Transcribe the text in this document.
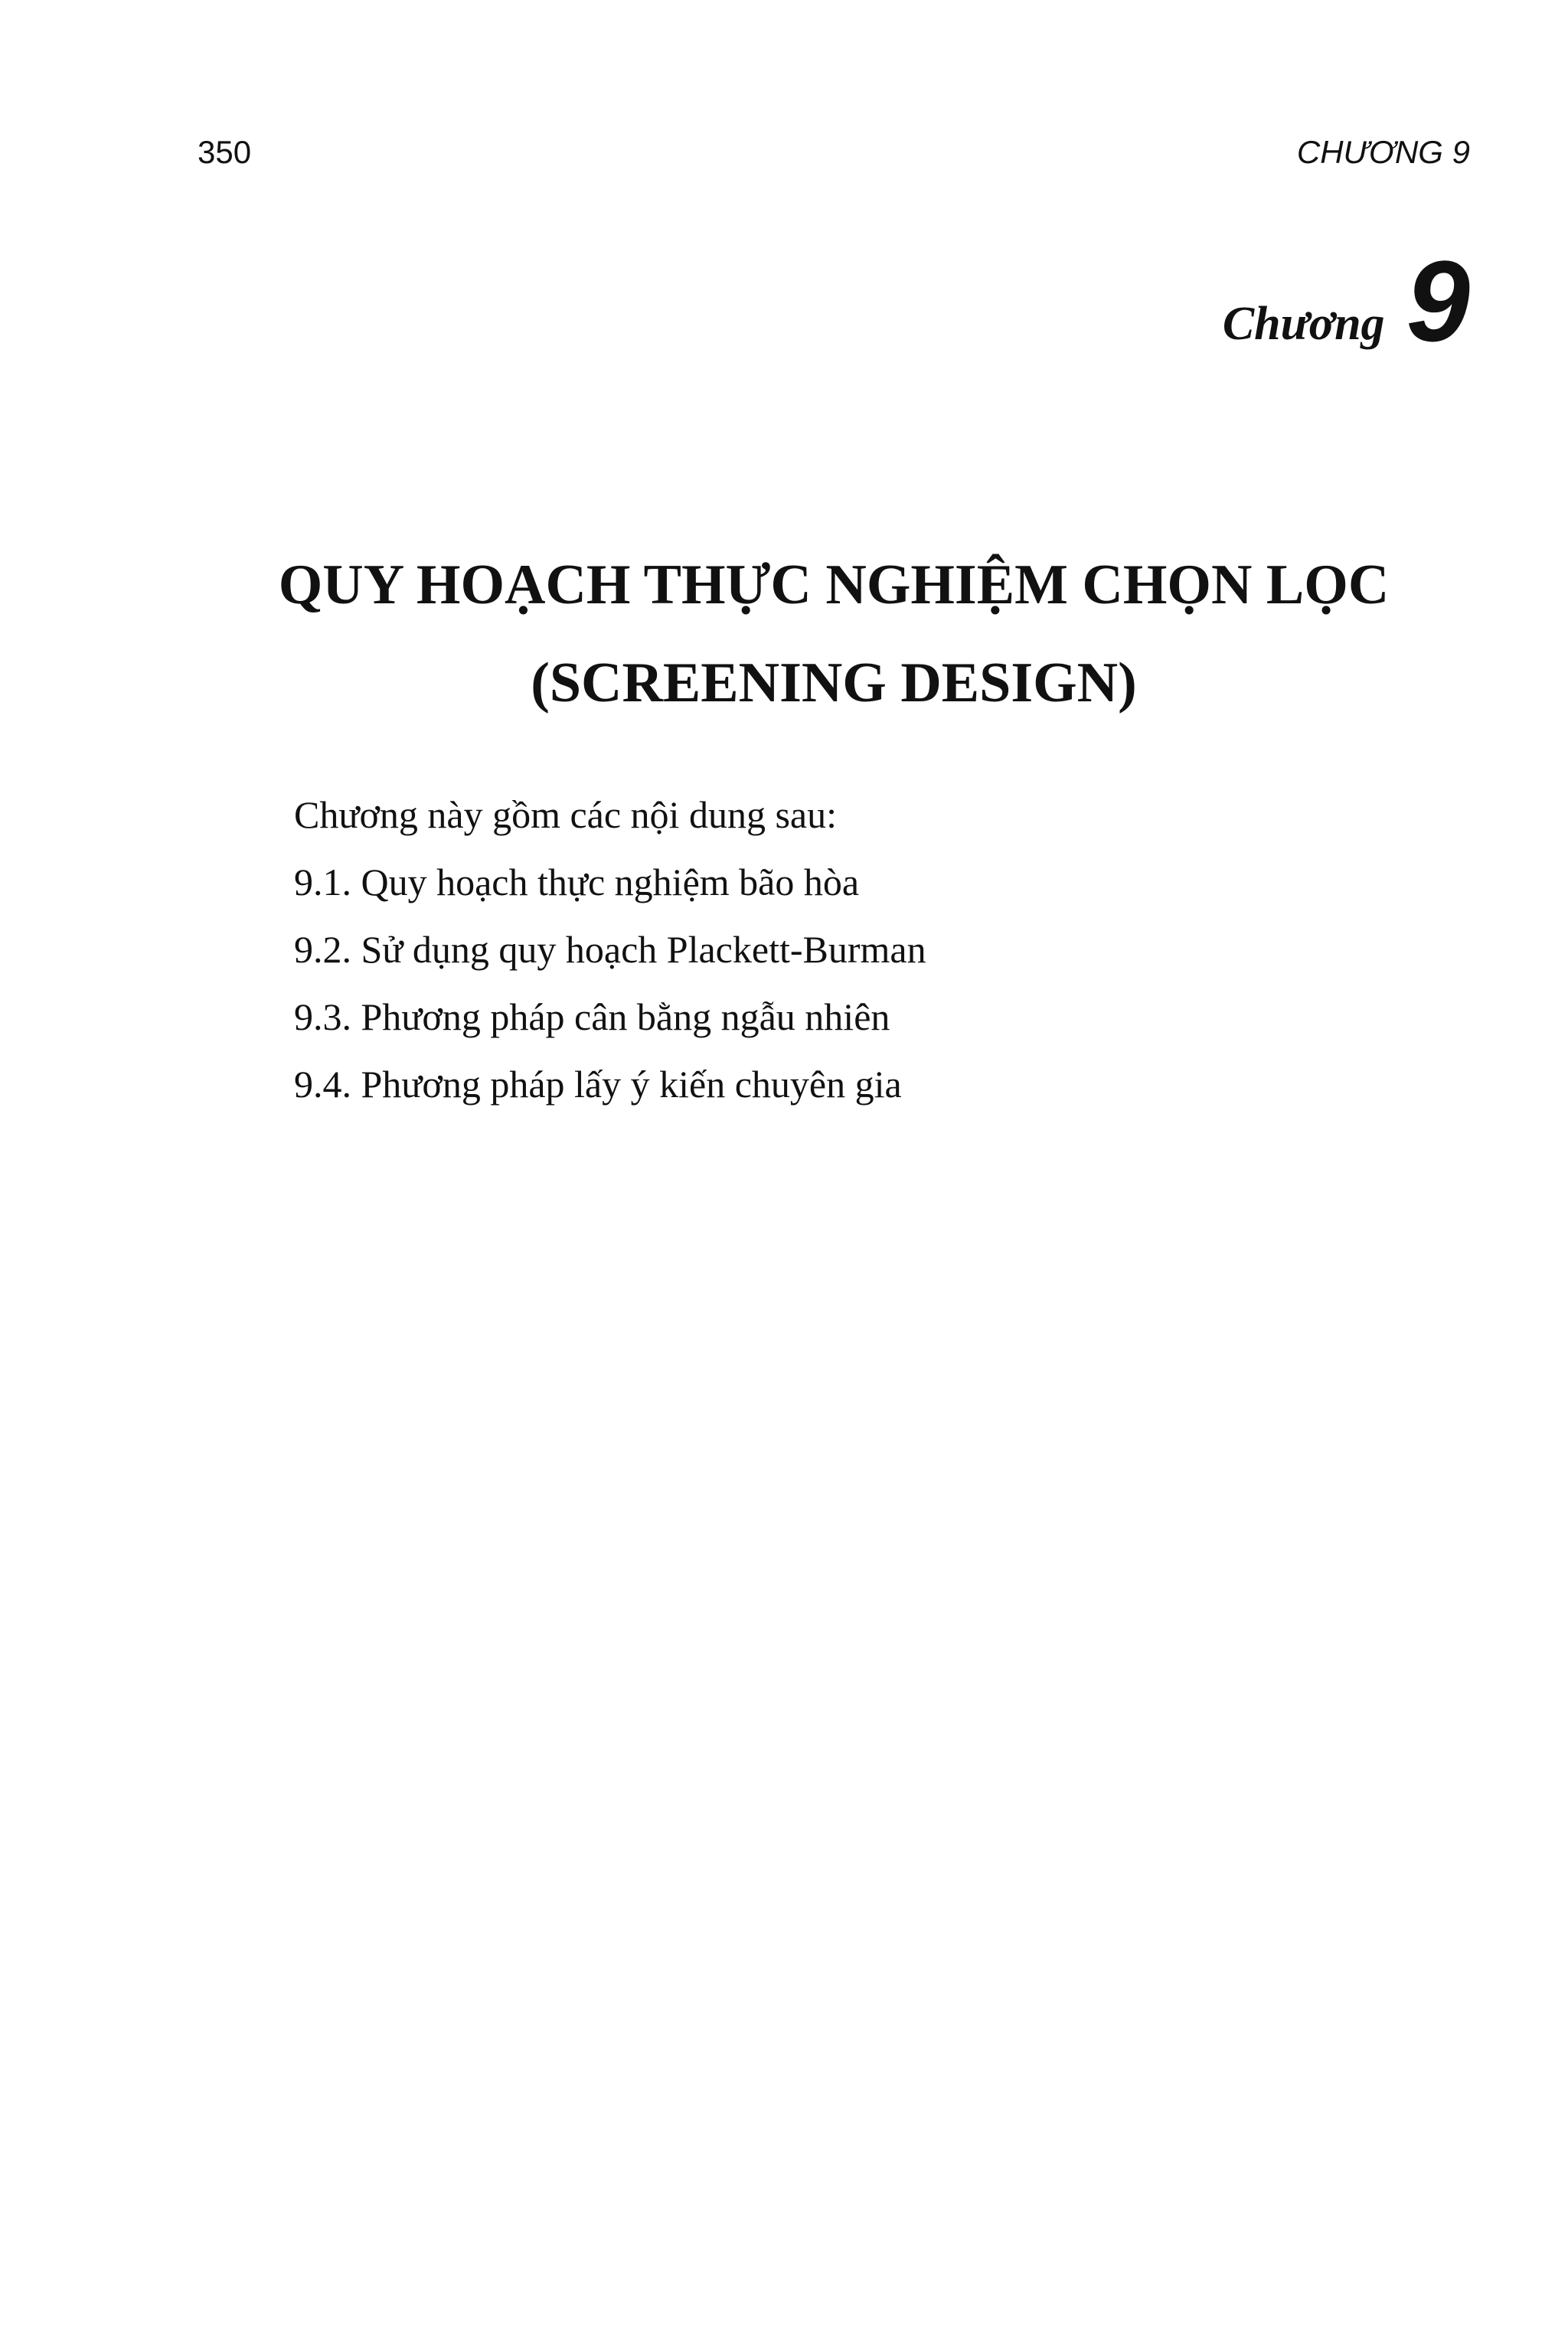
350	CHƯƠNG 9
Chương 9
QUY HOẠCH THỰC NGHIỆM CHỌN LỌC
(SCREENING DESIGN)
Chương này gồm các nội dung sau:
9.1. Quy hoạch thực nghiệm bão hòa
9.2. Sử dụng quy hoạch Plackett-Burman
9.3. Phương pháp cân bằng ngẫu nhiên
9.4. Phương pháp lấy ý kiến chuyên gia
